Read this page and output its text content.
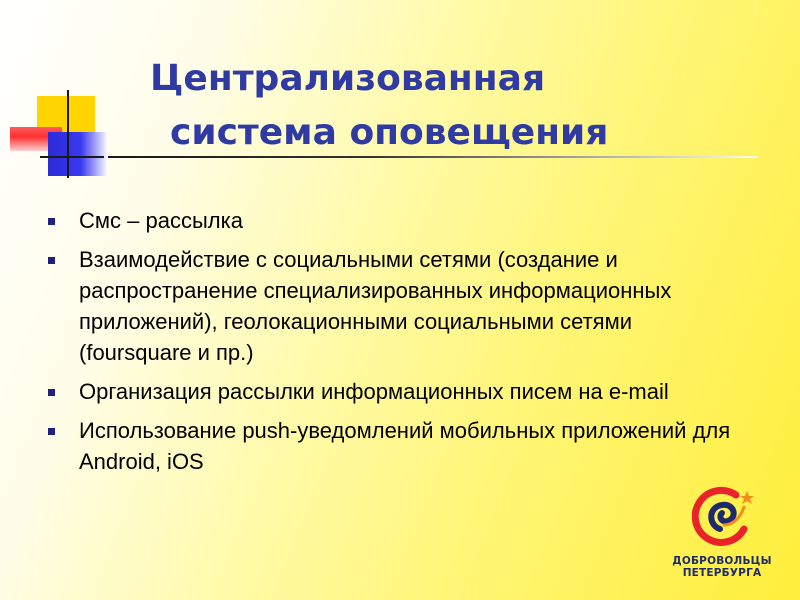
Централизованная
система оповещения
Смс – рассылка
Взаимодействие с социальными сетями (создание и распространение специализированных информационных приложений), геолокационными социальными сетями (foursquare и пр.)
Организация рассылки информационных писем на e-mail
Использование push-уведомлений мобильных приложений для Android, iOS
ДОБРОВОЛЬЦЫ
ПЕТЕРБУРГА
